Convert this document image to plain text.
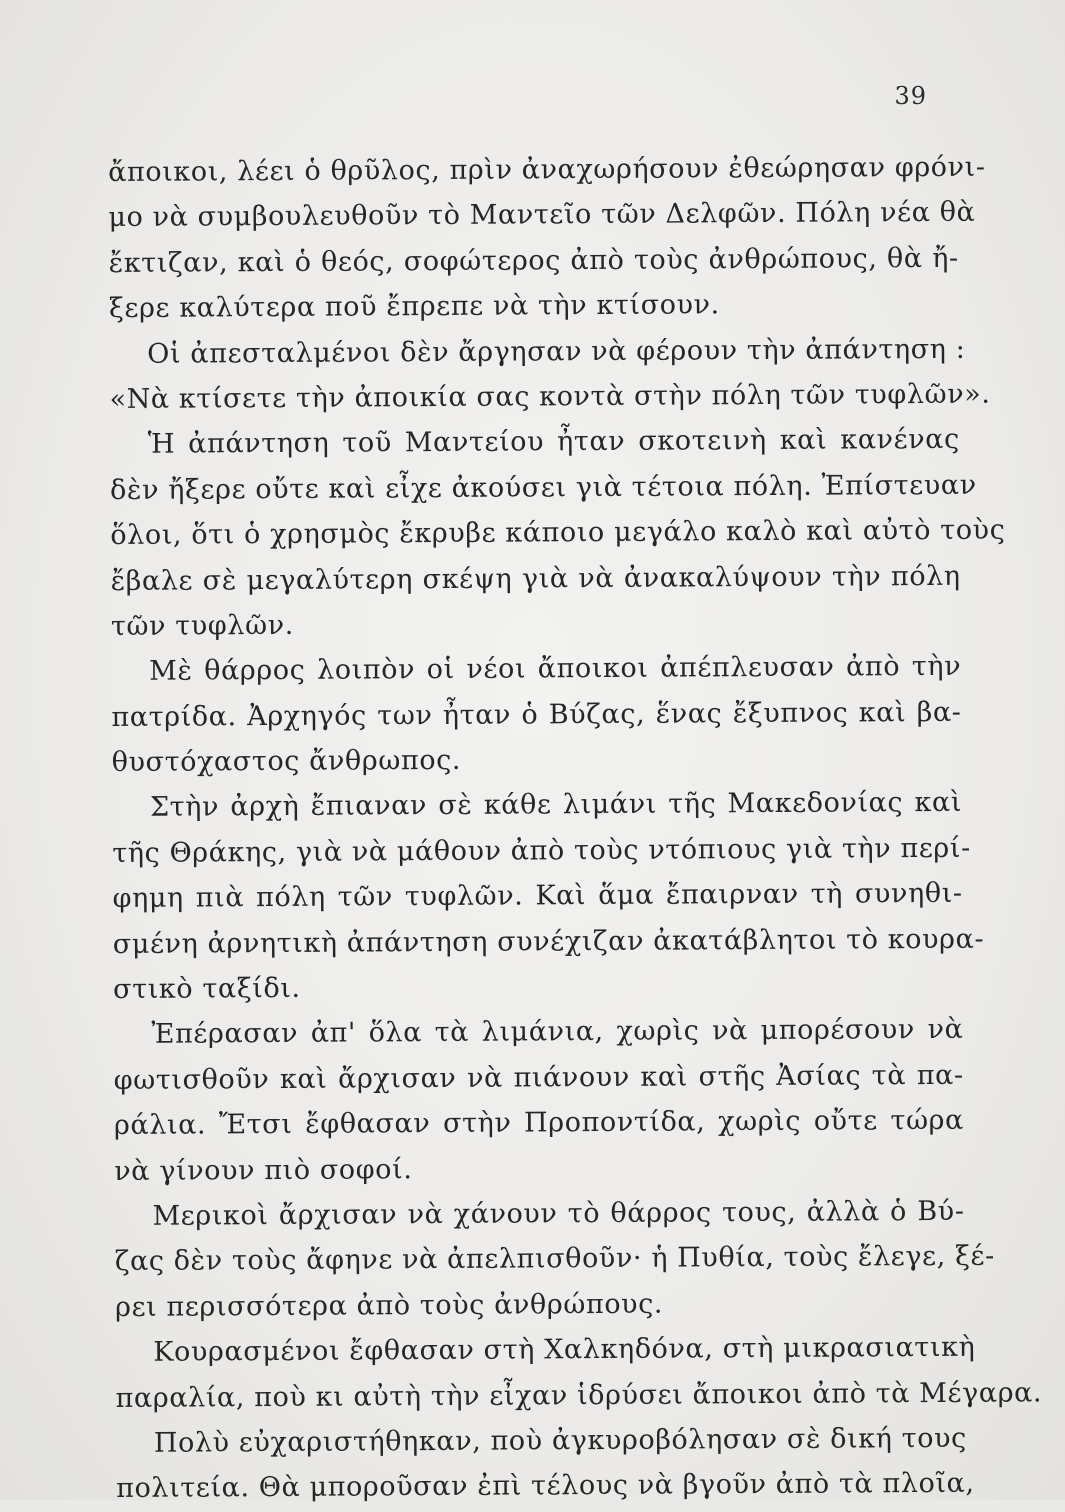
39
ἄποικοι, λέει ὁ θρῦλος, πρὶν ἀναχωρήσουν ἐθεώρησαν φρόνι-
μο νὰ συμβουλευθοῦν τὸ Μαντεῖο τῶν Δελφῶν. Πόλη νέα θὰ
ἔκτιζαν, καὶ ὁ θεός, σοφώτερος ἀπὸ τοὺς ἀνθρώπους, θὰ ἤ-
ξερε καλύτερα ποῦ ἔπρεπε νὰ τὴν κτίσουν.
Οἱ ἀπεσταλμένοι δὲν ἄργησαν νὰ φέρουν τὴν ἀπάντηση :
«Νὰ κτίσετε τὴν ἀποικία σας κοντὰ στὴν πόλη τῶν τυφλῶν».
Ἡ ἀπάντηση τοῦ Μαντείου ἦταν σκοτεινὴ καὶ κανένας
δὲν ἤξερε οὔτε καὶ εἶχε ἀκούσει γιὰ τέτοια πόλη. Ἐπίστευαν
ὅλοι, ὅτι ὁ χρησμὸς ἔκρυβε κάποιο μεγάλο καλὸ καὶ αὐτὸ τοὺς
ἔβαλε σὲ μεγαλύτερη σκέψη γιὰ νὰ ἀνακαλύψουν τὴν πόλη
τῶν τυφλῶν.
Μὲ θάρρος λοιπὸν οἱ νέοι ἄποικοι ἀπέπλευσαν ἀπὸ τὴν
πατρίδα. Ἀρχηγός των ἦταν ὁ Βύζας, ἕνας ἔξυπνος καὶ βα-
θυστόχαστος ἄνθρωπος.
Στὴν ἀρχὴ ἔπιαναν σὲ κάθε λιμάνι τῆς Μακεδονίας καὶ
τῆς Θράκης, γιὰ νὰ μάθουν ἀπὸ τοὺς ντόπιους γιὰ τὴν περί-
φημη πιὰ πόλη τῶν τυφλῶν. Καὶ ἅμα ἔπαιρναν τὴ συνηθι-
σμένη ἀρνητικὴ ἀπάντηση συνέχιζαν ἀκατάβλητοι τὸ κουρα-
στικὸ ταξίδι.
Ἐπέρασαν ἀπ' ὅλα τὰ λιμάνια, χωρὶς νὰ μπορέσουν νὰ
φωτισθοῦν καὶ ἄρχισαν νὰ πιάνουν καὶ στῆς Ἀσίας τὰ πα-
ράλια. Ἔτσι ἔφθασαν στὴν Προποντίδα, χωρὶς οὔτε τώρα
νὰ γίνουν πιὸ σοφοί.
Μερικοὶ ἄρχισαν νὰ χάνουν τὸ θάρρος τους, ἀλλὰ ὁ Βύ-
ζας δὲν τοὺς ἄφηνε νὰ ἀπελπισθοῦν· ἡ Πυθία, τοὺς ἔλεγε, ξέ-
ρει περισσότερα ἀπὸ τοὺς ἀνθρώπους.
Κουρασμένοι ἔφθασαν στὴ Χαλκηδόνα, στὴ μικρασιατικὴ
παραλία, ποὺ κι αὐτὴ τὴν εἶχαν ἱδρύσει ἄποικοι ἀπὸ τὰ Μέγαρα.
Πολὺ εὐχαριστήθηκαν, ποὺ ἀγκυροβόλησαν σὲ δική τους
πολιτεία. Θὰ μποροῦσαν ἐπὶ τέλους νὰ βγοῦν ἀπὸ τὰ πλοῖα,
